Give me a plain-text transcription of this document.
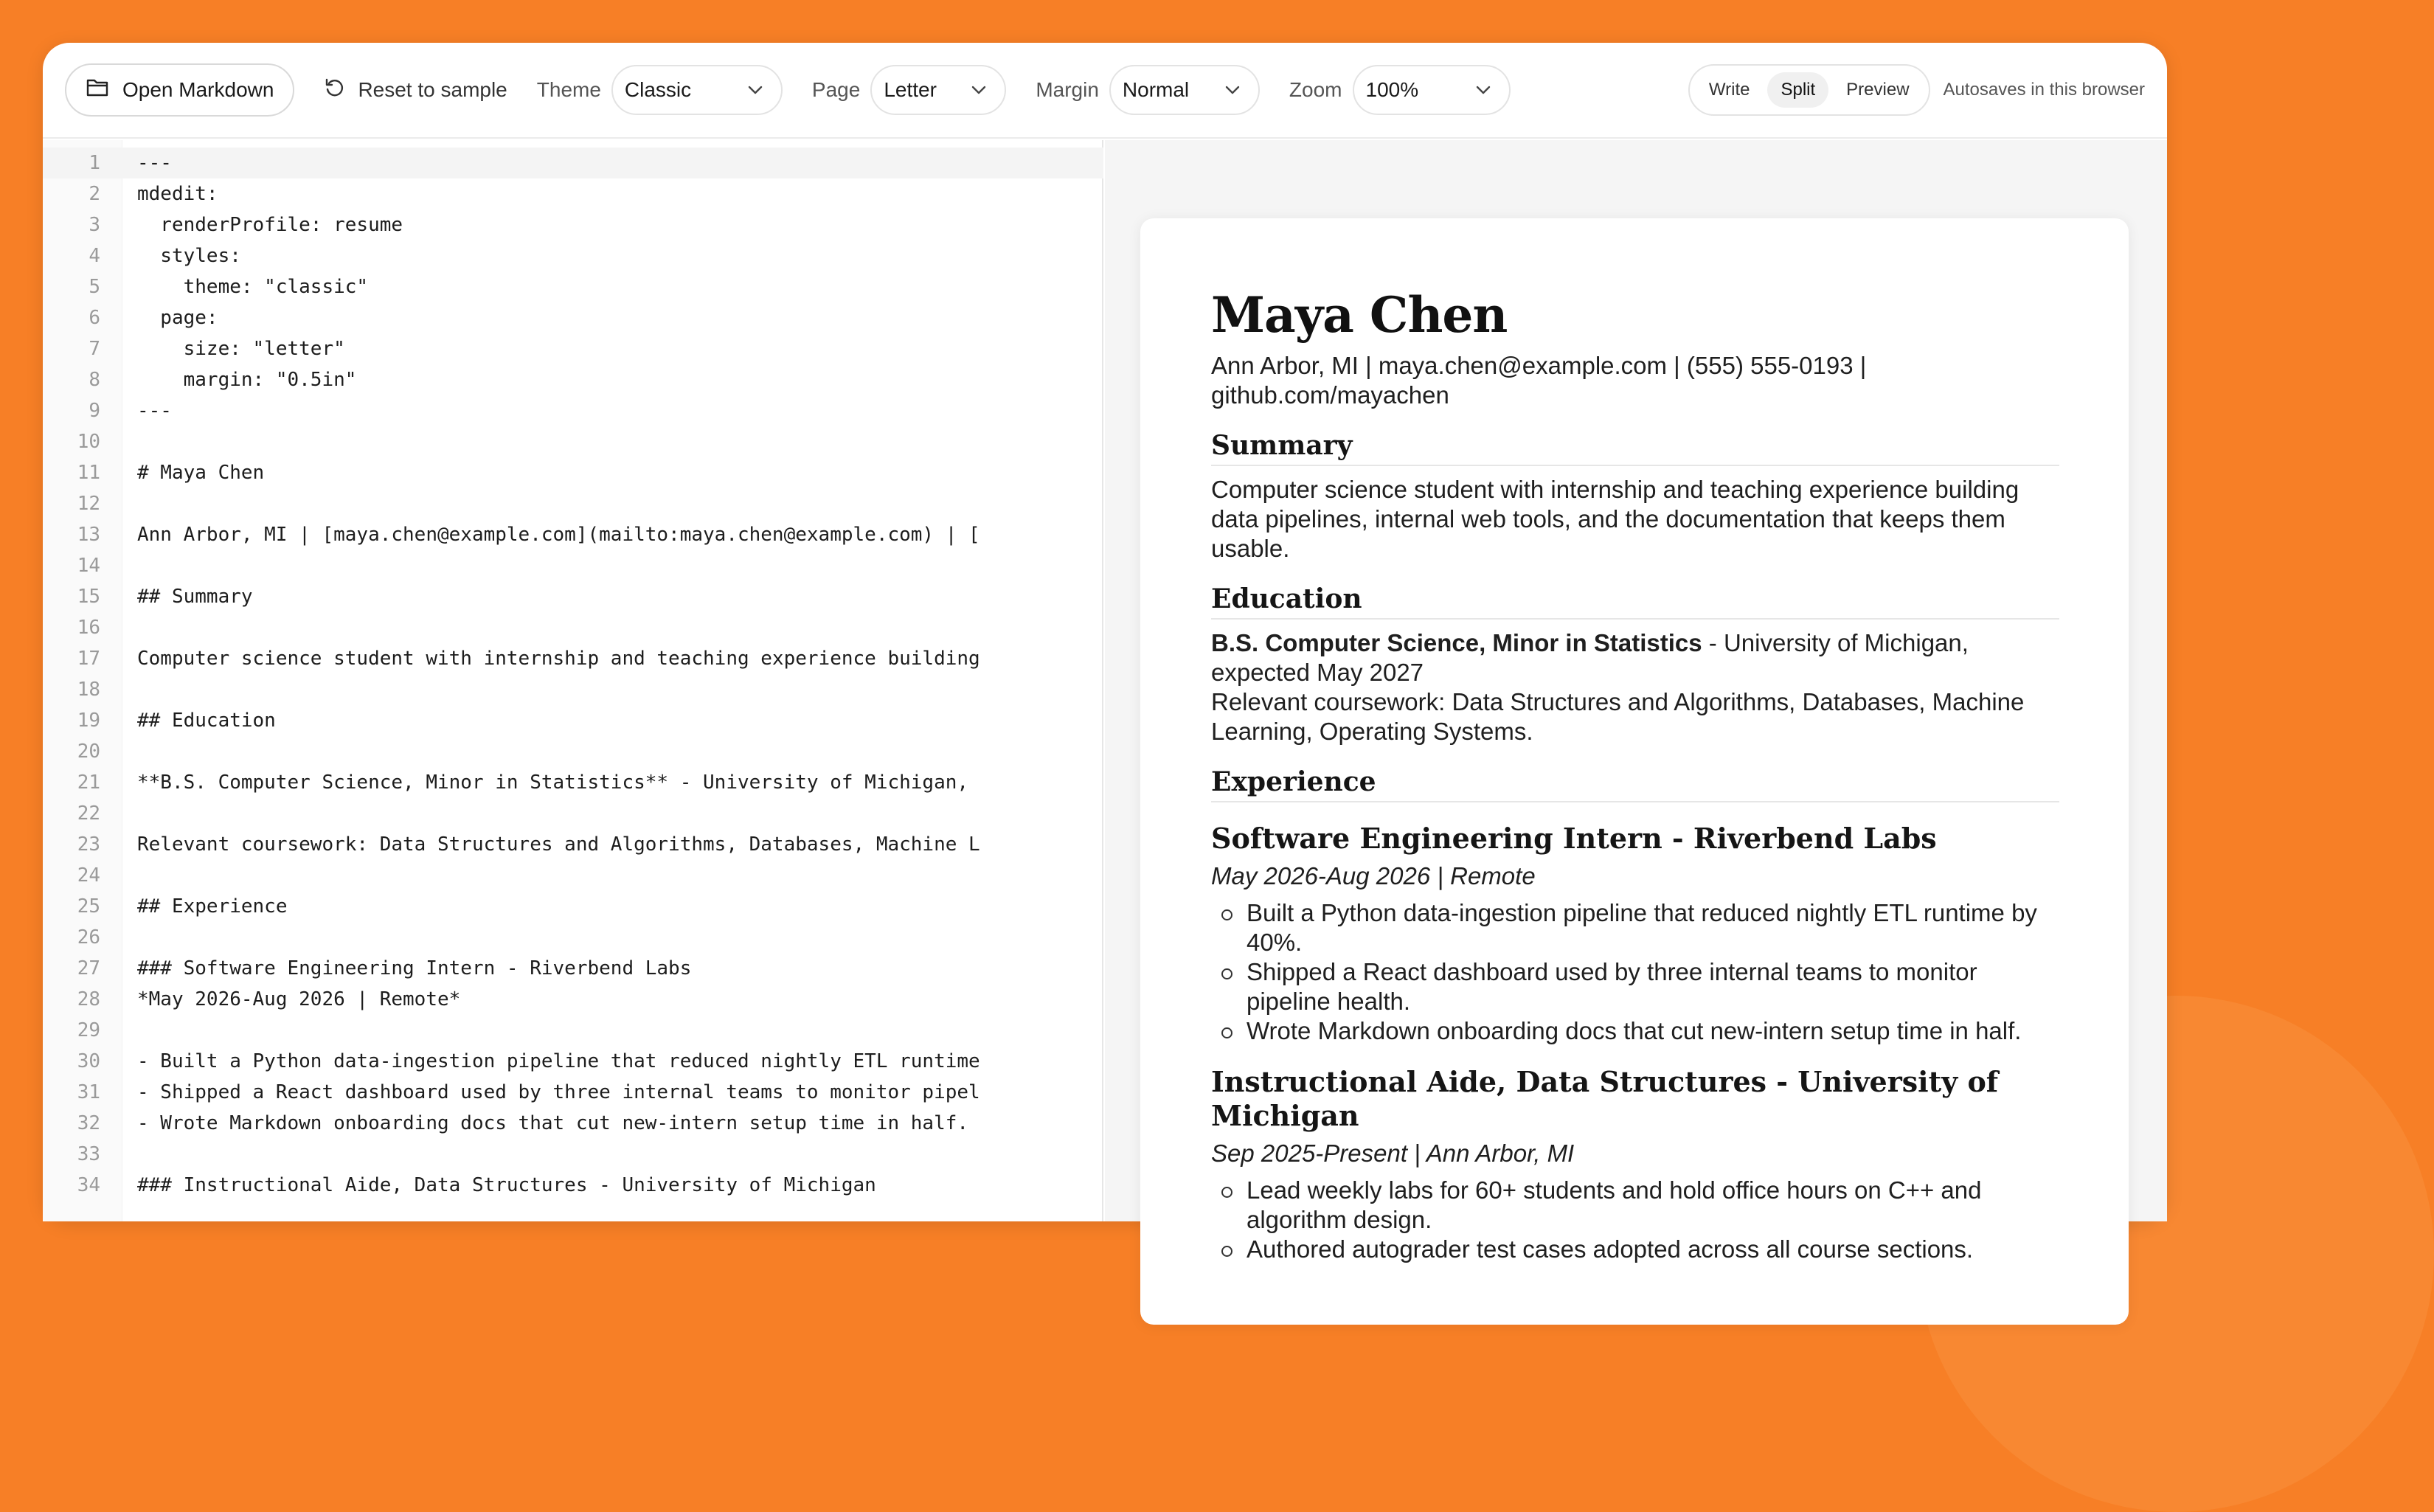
Open Markdown	Reset to sample Theme Classic	Page Letter	Margin Normal	Zoom 100%	Write	Split	Preview	Autosaves in this browser
1 ---
2 mdedit:
3 renderProfile: resume
4 styles:
5 theme: "classic"
6 page:
7 size: "letter"
8 margin: "0.5in"
9 ---
10
11 # Maya Chen
12
13 Ann Arbor, MI | [maya.chen@example.com](mailto:maya.chen@example.com) | [
14
15 ## Summary
16
17 Computer science student with internship and teaching experience building
18
19 ## Education
20
21 **B.S. Computer Science, Minor in Statistics** - University of Michigan,
22
23 Relevant coursework: Data Structures and Algorithms, Databases, Machine L
24
25 ## Experience
26
27 ### Software Engineering Intern - Riverbend Labs
28 *May 2026-Aug 2026 | Remote*
29
30 - Built a Python data-ingestion pipeline that reduced nightly ETL runtime
31 - Shipped a React dashboard used by three internal teams to monitor pipel
32 - Wrote Markdown onboarding docs that cut new-intern setup time in half.
33
34 ### Instructional Aide, Data Structures - University of Michigan
Maya Chen
Ann Arbor, MI | maya.chen@example.com | (555) 555-0193 | github.com/mayachen
Summary

Computer science student with internship and teaching experience building data pipelines, internal web tools, and the documentation that keeps them usable.

Education

B.S. Computer Science, Minor in Statistics - University of Michigan, expected May 2027
Relevant coursework: Data Structures and Algorithms, Databases, Machine Learning, Operating Systems.

Experience
Software Engineering Intern - Riverbend Labs
May 2026-Aug 2026 | Remote
Built a Python data-ingestion pipeline that reduced nightly ETL runtime by 40%.
Shipped a React dashboard used by three internal teams to monitor pipeline health.
Wrote Markdown onboarding docs that cut new-intern setup time in half.
Instructional Aide, Data Structures - University of Michigan
Sep 2025-Present | Ann Arbor, MI
Lead weekly labs for 60+ students and hold office hours on C++ and algorithm design.
Authored autograder test cases adopted across all course sections.
